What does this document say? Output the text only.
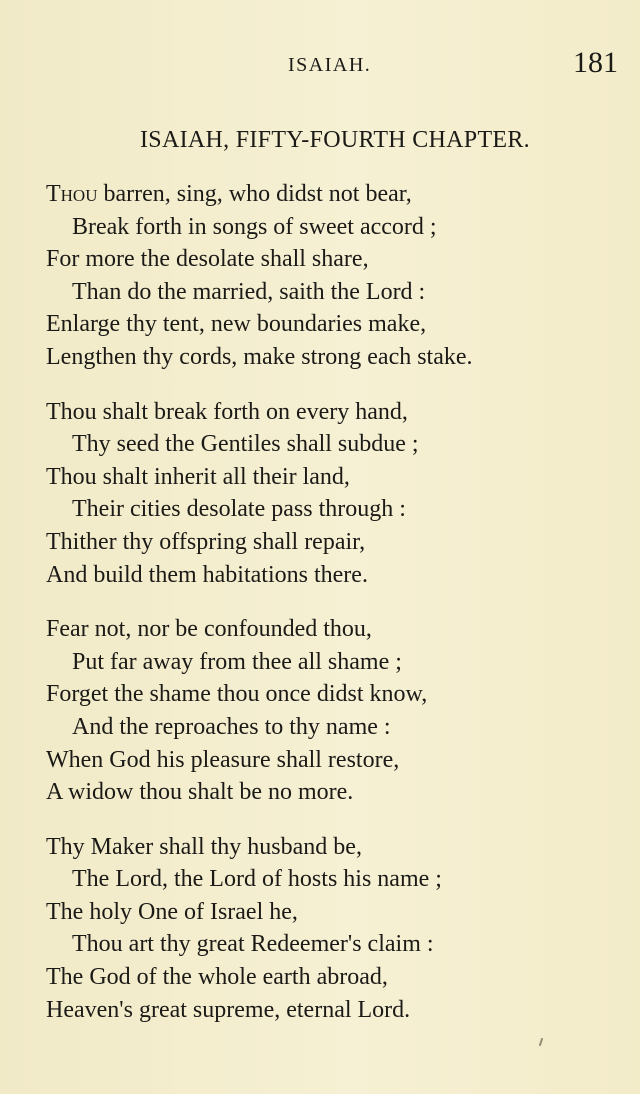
ISAIAH.	181
ISAIAH, FIFTY-FOURTH CHAPTER.
Thou barren, sing, who didst not bear,
Break forth in songs of sweet accord ;
For more the desolate shall share,
Than do the married, saith the Lord :
Enlarge thy tent, new boundaries make,
Lengthen thy cords, make strong each stake.
Thou shalt break forth on every hand,
Thy seed the Gentiles shall subdue ;
Thou shalt inherit all their land,
Their cities desolate pass through :
Thither thy offspring shall repair,
And build them habitations there.
Fear not, nor be confounded thou,
Put far away from thee all shame ;
Forget the shame thou once didst know,
And the reproaches to thy name :
When God his pleasure shall restore,
A widow thou shalt be no more.
Thy Maker shall thy husband be,
The Lord, the Lord of hosts his name ;
The holy One of Israel he,
Thou art thy great Redeemer's claim :
The God of the whole earth abroad,
Heaven's great supreme, eternal Lord.
